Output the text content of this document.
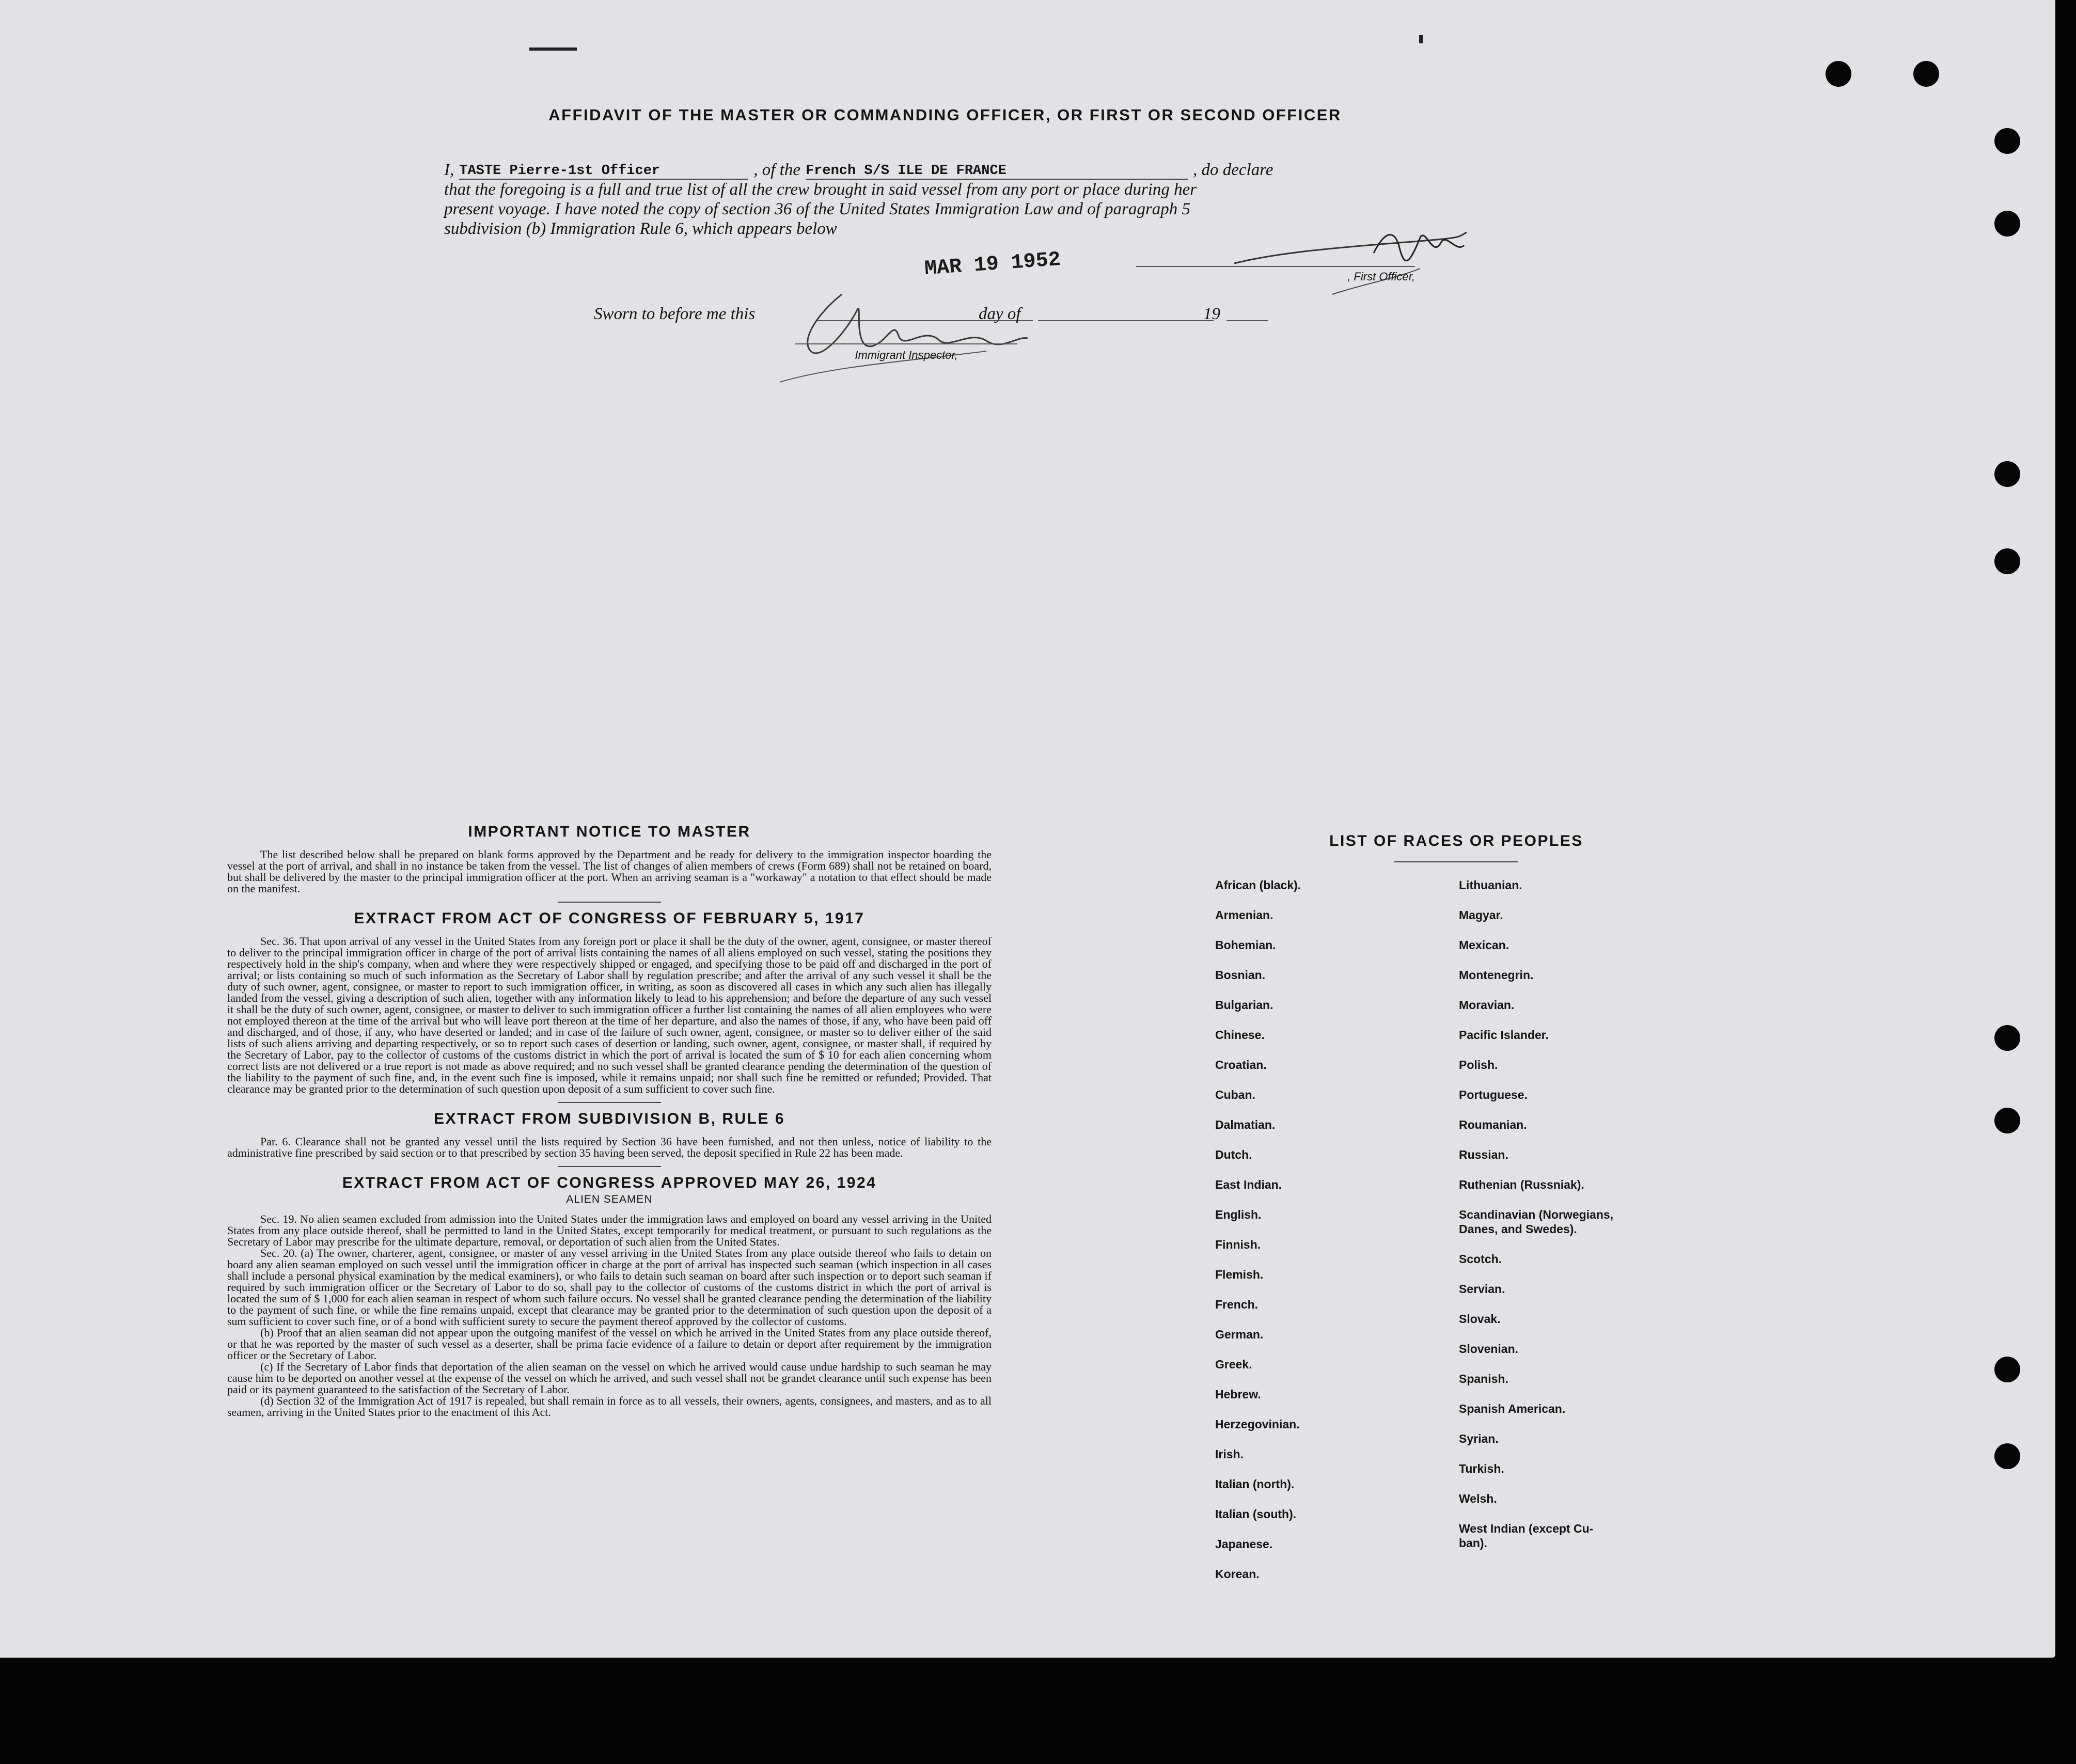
AFFIDAVIT OF THE MASTER OR COMMANDING OFFICER, OR FIRST OR SECOND OFFICER
I, TASTE Pierre-1st Officer	, of the French S/S ILE DE FRANCE	, do declare
that the foregoing is a full and true list of all the crew brought in said vessel from any port or place during her
present voyage. I have noted the copy of section 36 of the United States Immigration Law and of paragraph 5
subdivision (b) Immigration Rule 6, which appears below
, First Officer,
Sworn to before me this	day of	19
MAR 19 1952
Immigrant Inspector,
IMPORTANT NOTICE TO MASTER

The list described below shall be prepared on blank forms approved by the Department and be ready for delivery to the immigration inspector boarding the vessel at the port of arrival, and shall in no instance be taken from the vessel. The list of changes of alien members of crews (Form 689) shall not be retained on board, but shall be delivered by the master to the principal immigration officer at the port. When an arriving seaman is a "workaway" a notation to that effect should be made on the manifest.

EXTRACT FROM ACT OF CONGRESS OF FEBRUARY 5, 1917

Sec. 36. That upon arrival of any vessel in the United States from any foreign port or place it shall be the duty of the owner, agent, consignee, or master thereof to deliver to the principal immigration officer in charge of the port of arrival lists containing the names of all aliens employed on such vessel, stating the positions they respectively hold in the ship's company, when and where they were respectively shipped or engaged, and specifying those to be paid off and discharged in the port of arrival; or lists containing so much of such information as the Secretary of Labor shall by regulation prescribe; and after the arrival of any such vessel it shall be the duty of such owner, agent, consignee, or master to report to such immigration officer, in writing, as soon as discovered all cases in which any such alien has illegally landed from the vessel, giving a description of such alien, together with any information likely to lead to his apprehension; and before the departure of any such vessel it shall be the duty of such owner, agent, consignee, or master to deliver to such immigration officer a further list containing the names of all alien employees who were not employed thereon at the time of the arrival but who will leave port thereon at the time of her departure, and also the names of those, if any, who have been paid off and discharged, and of those, if any, who have deserted or landed; and in case of the failure of such owner, agent, consignee, or master so to deliver either of the said lists of such aliens arriving and departing respectively, or so to report such cases of desertion or landing, such owner, agent, consignee, or master shall, if required by the Secretary of Labor, pay to the collector of customs of the customs district in which the port of arrival is located the sum of $ 10 for each alien concerning whom correct lists are not delivered or a true report is not made as above required; and no such vessel shall be granted clearance pending the determination of the question of the liability to the payment of such fine, and, in the event such fine is imposed, while it remains unpaid; nor shall such fine be remitted or refunded; Provided. That clearance may be granted prior to the determination of such question upon deposit of a sum sufficient to cover such fine.

EXTRACT FROM SUBDIVISION B, RULE 6

Par. 6. Clearance shall not be granted any vessel until the lists required by Section 36 have been furnished, and not then unless, notice of liability to the administrative fine prescribed by said section or to that prescribed by section 35 having been served, the deposit specified in Rule 22 has been made.

EXTRACT FROM ACT OF CONGRESS APPROVED MAY 26, 1924
ALIEN SEAMEN

Sec. 19. No alien seamen excluded from admission into the United States under the immigration laws and employed on board any vessel arriving in the United States from any place outside thereof, shall be permitted to land in the United States, except temporarily for medical treatment, or pursuant to such regulations as the Secretary of Labor may prescribe for the ultimate departure, removal, or deportation of such alien from the United States.

Sec. 20. (a) The owner, charterer, agent, consignee, or master of any vessel arriving in the United States from any place outside thereof who fails to detain on board any alien seaman employed on such vessel until the immigration officer in charge at the port of arrival has inspected such seaman (which inspection in all cases shall include a personal physical examination by the medical examiners), or who fails to detain such seaman on board after such inspection or to deport such seaman if required by such immigration officer or the Secretary of Labor to do so, shall pay to the collector of customs of the customs district in which the port of arrival is located the sum of $ 1,000 for each alien seaman in respect of whom such failure occurs. No vessel shall be granted clearance pending the determination of the liability to the payment of such fine, or while the fine remains unpaid, except that clearance may be granted prior to the determination of such question upon the deposit of a sum sufficient to cover such fine, or of a bond with sufficient surety to secure the payment thereof approved by the collector of customs.

(b) Proof that an alien seaman did not appear upon the outgoing manifest of the vessel on which he arrived in the United States from any place outside thereof, or that he was reported by the master of such vessel as a deserter, shall be prima facie evidence of a failure to detain or deport after requirement by the immigration officer or the Secretary of Labor.

(c) If the Secretary of Labor finds that deportation of the alien seaman on the vessel on which he arrived would cause undue hardship to such seaman he may cause him to be deported on another vessel at the expense of the vessel on which he arrived, and such vessel shall not be grandet clearance until such expense has been paid or its payment guaranteed to the satisfaction of the Secretary of Labor.

(d) Section 32 of the Immigration Act of 1917 is repealed, but shall remain in force as to all vessels, their owners, agents, consignees, and masters, and as to all seamen, arriving in the United States prior to the enactment of this Act.

LIST OF RACES OR PEOPLES
African (black).
Armenian.
Bohemian.
Bosnian.
Bulgarian.
Chinese.
Croatian.
Cuban.
Dalmatian.
Dutch.
East Indian.
English.
Finnish.
Flemish.
French.
German.
Greek.
Hebrew.
Herzegovinian.
Irish.
Italian (north).
Italian (south).
Japanese.
Korean.
Lithuanian.
Magyar.
Mexican.
Montenegrin.
Moravian.
Pacific Islander.
Polish.
Portuguese.
Roumanian.
Russian.
Ruthenian (Russniak).
Scandinavian (Norwegians,
Danes, and Swedes).
Scotch.
Servian.
Slovak.
Slovenian.
Spanish.
Spanish American.
Syrian.
Turkish.
Welsh.
West Indian (except Cu-
ban).
